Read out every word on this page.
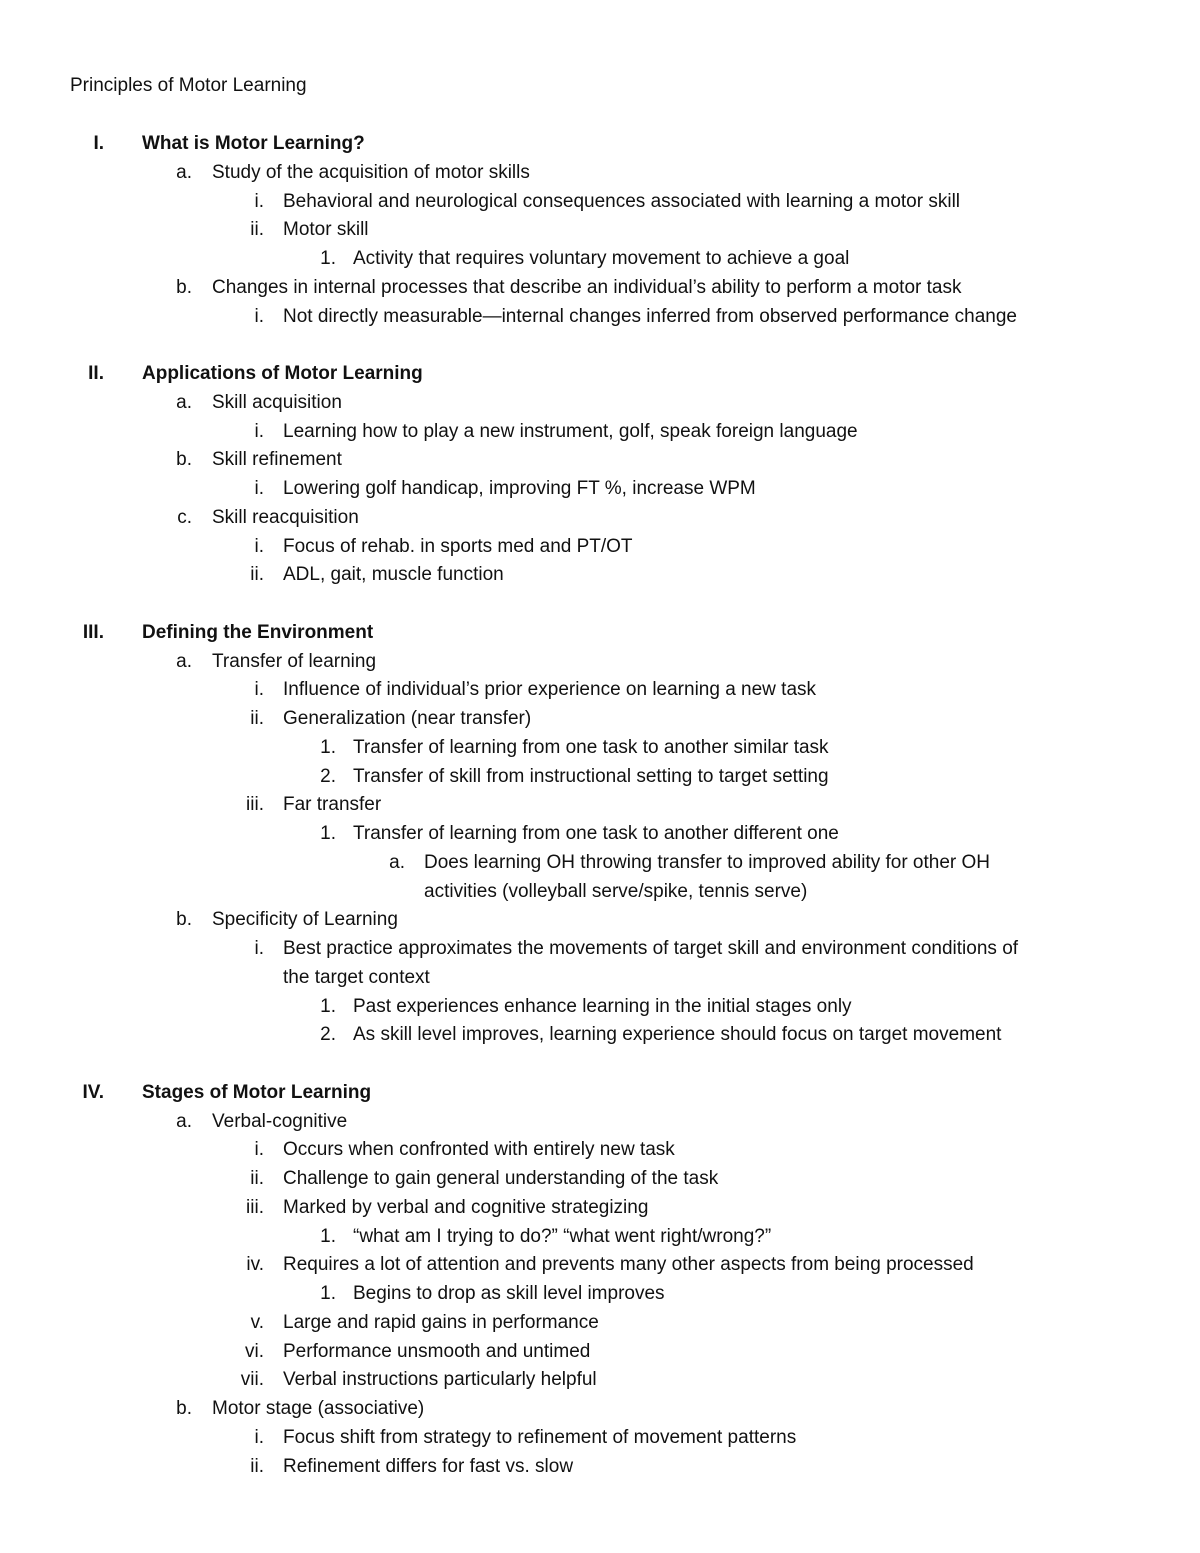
Principles of Motor Learning
I. What is Motor Learning?
a. Study of the acquisition of motor skills
i. Behavioral and neurological consequences associated with learning a motor skill
ii. Motor skill
1. Activity that requires voluntary movement to achieve a goal
b. Changes in internal processes that describe an individual’s ability to perform a motor task
i. Not directly measurable—internal changes inferred from observed performance change
II. Applications of Motor Learning
a. Skill acquisition
i. Learning how to play a new instrument, golf, speak foreign language
b. Skill refinement
i. Lowering golf handicap, improving FT %, increase WPM
c. Skill reacquisition
i. Focus of rehab. in sports med and PT/OT
ii. ADL, gait, muscle function
III. Defining the Environment
a. Transfer of learning
i. Influence of individual’s prior experience on learning a new task
ii. Generalization (near transfer)
1. Transfer of learning from one task to another similar task
2. Transfer of skill from instructional setting to target setting
iii. Far transfer
1. Transfer of learning from one task to another different one
a. Does learning OH throwing transfer to improved ability for other OH
activities (volleyball serve/spike, tennis serve)
b. Specificity of Learning
i. Best practice approximates the movements of target skill and environment conditions of
the target context
1. Past experiences enhance learning in the initial stages only
2. As skill level improves, learning experience should focus on target movement
IV. Stages of Motor Learning
a. Verbal-cognitive
i. Occurs when confronted with entirely new task
ii. Challenge to gain general understanding of the task
iii. Marked by verbal and cognitive strategizing
1. “what am I trying to do?” “what went right/wrong?”
iv. Requires a lot of attention and prevents many other aspects from being processed
1. Begins to drop as skill level improves
v. Large and rapid gains in performance
vi. Performance unsmooth and untimed
vii. Verbal instructions particularly helpful
b. Motor stage (associative)
i. Focus shift from strategy to refinement of movement patterns
ii. Refinement differs for fast vs. slow
